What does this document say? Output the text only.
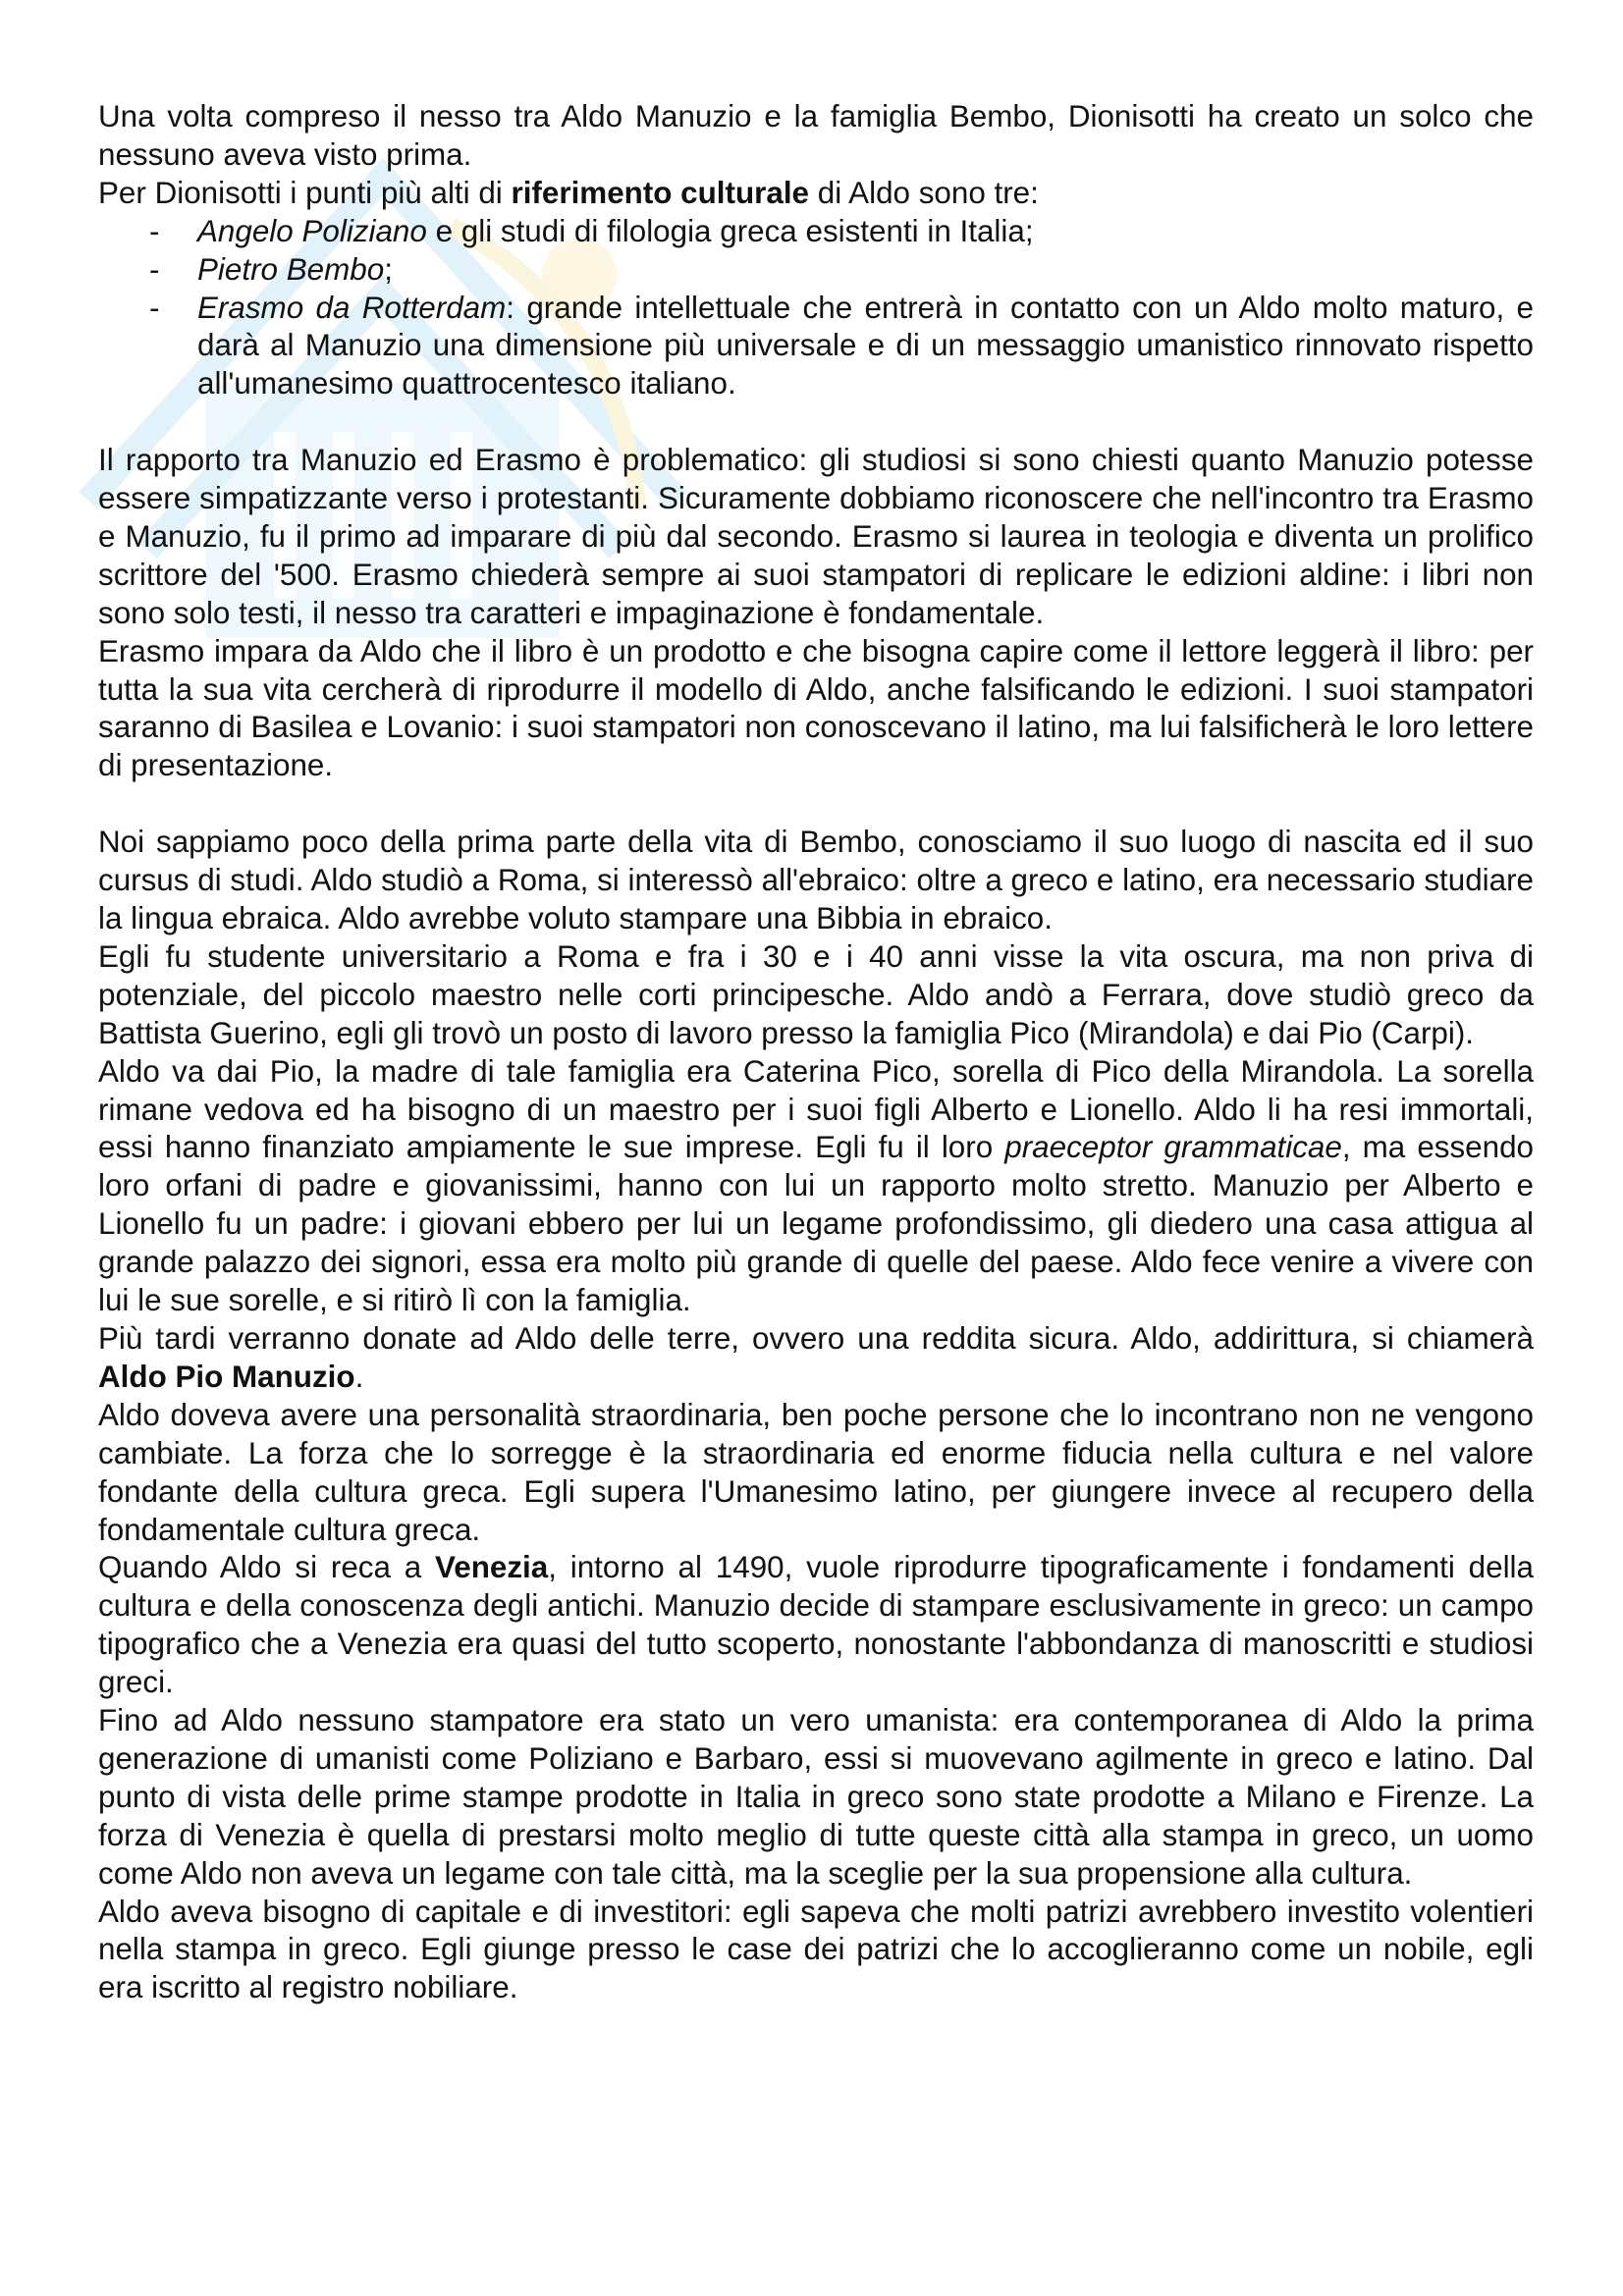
Una volta compreso il nesso tra Aldo Manuzio e la famiglia Bembo, Dionisotti ha creato un solco che nessuno aveva visto prima.

Per Dionisotti i punti più alti di riferimento culturale di Aldo sono tre:

- Angelo Poliziano e gli studi di filologia greca esistenti in Italia;
- Pietro Bembo;
- Erasmo da Rotterdam: grande intellettuale che entrerà in contatto con un Aldo molto maturo, e darà al Manuzio una dimensione più universale e di un messaggio umanistico rinnovato rispetto all'umanesimo quattrocentesco italiano.

Il rapporto tra Manuzio ed Erasmo è problematico: gli studiosi si sono chiesti quanto Manuzio potesse essere simpatizzante verso i protestanti. Sicuramente dobbiamo riconoscere che nell'incontro tra Erasmo e Manuzio, fu il primo ad imparare di più dal secondo. Erasmo si laurea in teologia e diventa un prolifico scrittore del '500. Erasmo chiederà sempre ai suoi stampatori di replicare le edizioni aldine: i libri non sono solo testi, il nesso tra caratteri e impaginazione è fondamentale.

Erasmo impara da Aldo che il libro è un prodotto e che bisogna capire come il lettore leggerà il libro: per tutta la sua vita cercherà di riprodurre il modello di Aldo, anche falsificando le edizioni. I suoi stampatori saranno di Basilea e Lovanio: i suoi stampatori non conoscevano il latino, ma lui falsificherà le loro lettere di presentazione.

Noi sappiamo poco della prima parte della vita di Bembo, conosciamo il suo luogo di nascita ed il suo cursus di studi. Aldo studiò a Roma, si interessò all'ebraico: oltre a greco e latino, era necessario studiare la lingua ebraica. Aldo avrebbe voluto stampare una Bibbia in ebraico.

Egli fu studente universitario a Roma e fra i 30 e i 40 anni visse la vita oscura, ma non priva di potenziale, del piccolo maestro nelle corti principesche. Aldo andò a Ferrara, dove studiò greco da Battista Guerino, egli gli trovò un posto di lavoro presso la famiglia Pico (Mirandola) e dai Pio (Carpi).

Aldo va dai Pio, la madre di tale famiglia era Caterina Pico, sorella di Pico della Mirandola. La sorella rimane vedova ed ha bisogno di un maestro per i suoi figli Alberto e Lionello. Aldo li ha resi immortali, essi hanno finanziato ampiamente le sue imprese. Egli fu il loro praeceptor grammaticae, ma essendo loro orfani di padre e giovanissimi, hanno con lui un rapporto molto stretto. Manuzio per Alberto e Lionello fu un padre: i giovani ebbero per lui un legame profondissimo, gli diedero una casa attigua al grande palazzo dei signori, essa era molto più grande di quelle del paese. Aldo fece venire a vivere con lui le sue sorelle, e si ritirò lì con la famiglia.

Più tardi verranno donate ad Aldo delle terre, ovvero una reddita sicura. Aldo, addirittura, si chiamerà Aldo Pio Manuzio.

Aldo doveva avere una personalità straordinaria, ben poche persone che lo incontrano non ne vengono cambiate. La forza che lo sorregge è la straordinaria ed enorme fiducia nella cultura e nel valore fondante della cultura greca. Egli supera l'Umanesimo latino, per giungere invece al recupero della fondamentale cultura greca.

Quando Aldo si reca a Venezia, intorno al 1490, vuole riprodurre tipograficamente i fondamenti della cultura e della conoscenza degli antichi. Manuzio decide di stampare esclusivamente in greco: un campo tipografico che a Venezia era quasi del tutto scoperto, nonostante l'abbondanza di manoscritti e studiosi greci.

Fino ad Aldo nessuno stampatore era stato un vero umanista: era contemporanea di Aldo la prima generazione di umanisti come Poliziano e Barbaro, essi si muovevano agilmente in greco e latino. Dal punto di vista delle prime stampe prodotte in Italia in greco sono state prodotte a Milano e Firenze. La forza di Venezia è quella di prestarsi molto meglio di tutte queste città alla stampa in greco, un uomo come Aldo non aveva un legame con tale città, ma la sceglie per la sua propensione alla cultura.

Aldo aveva bisogno di capitale e di investitori: egli sapeva che molti patrizi avrebbero investito volentieri nella stampa in greco. Egli giunge presso le case dei patrizi che lo accoglieranno come un nobile, egli era iscritto al registro nobiliare.
